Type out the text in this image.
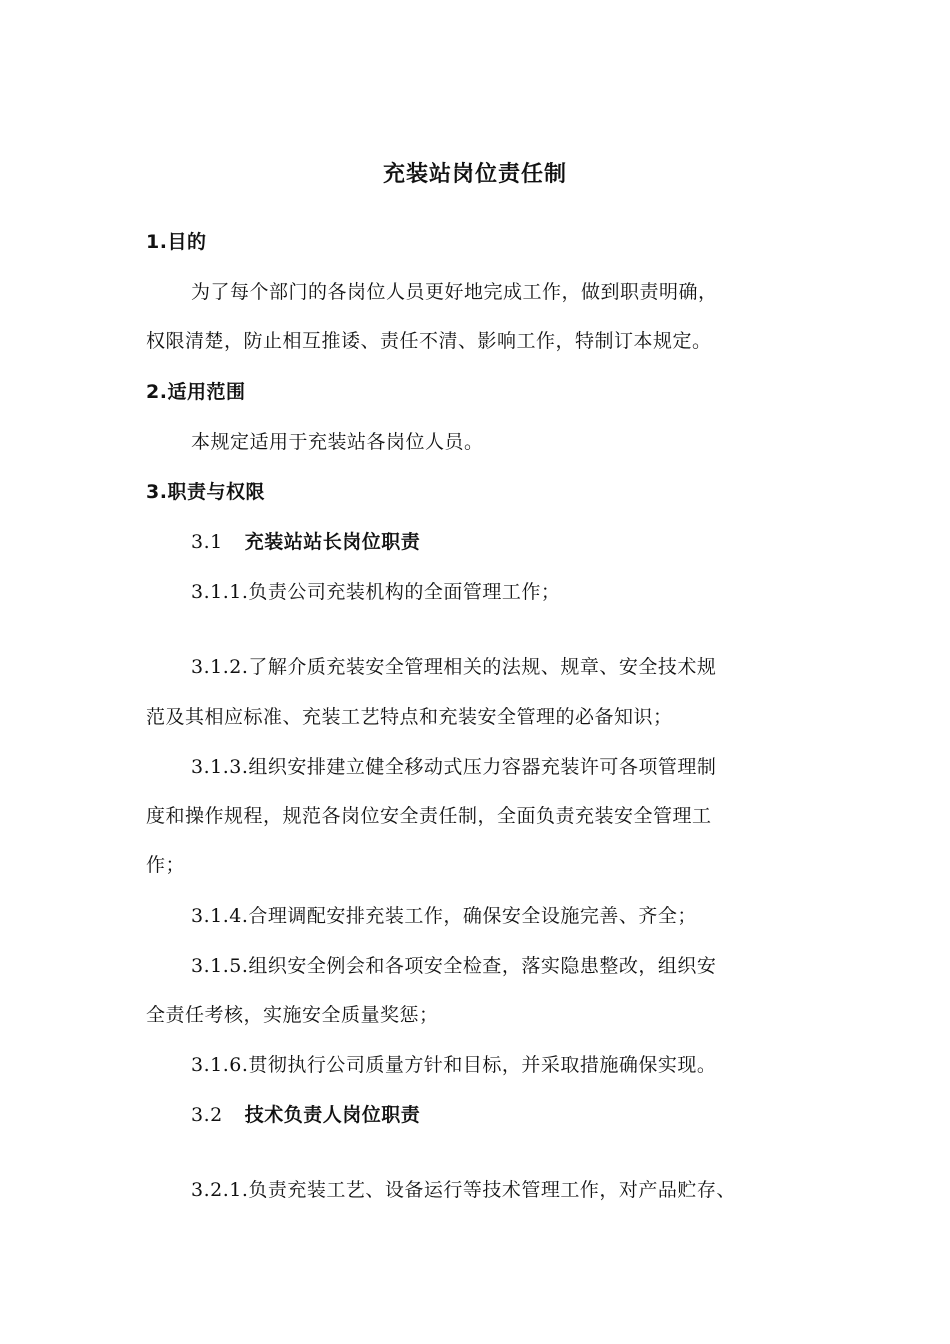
充装站岗位责任制
1.目的
为了每个部门的各岗位人员更好地完成工作，做到职责明确，
权限清楚，防止相互推诿、责任不清、影响工作，特制订本规定。
2.适用范围
本规定适用于充装站各岗位人员。
3.职责与权限
3.1 充装站站长岗位职责
3.1.1.负责公司充装机构的全面管理工作；
3.1.2.了解介质充装安全管理相关的法规、规章、安全技术规
范及其相应标准、充装工艺特点和充装安全管理的必备知识；
3.1.3.组织安排建立健全移动式压力容器充装许可各项管理制
度和操作规程，规范各岗位安全责任制，全面负责充装安全管理工
作；
3.1.4.合理调配安排充装工作，确保安全设施完善、齐全；
3.1.5.组织安全例会和各项安全检查，落实隐患整改，组织安
全责任考核，实施安全质量奖惩；
3.1.6.贯彻执行公司质量方针和目标，并采取措施确保实现。
3.2 技术负责人岗位职责
3.2.1.负责充装工艺、设备运行等技术管理工作，对产品贮存、
